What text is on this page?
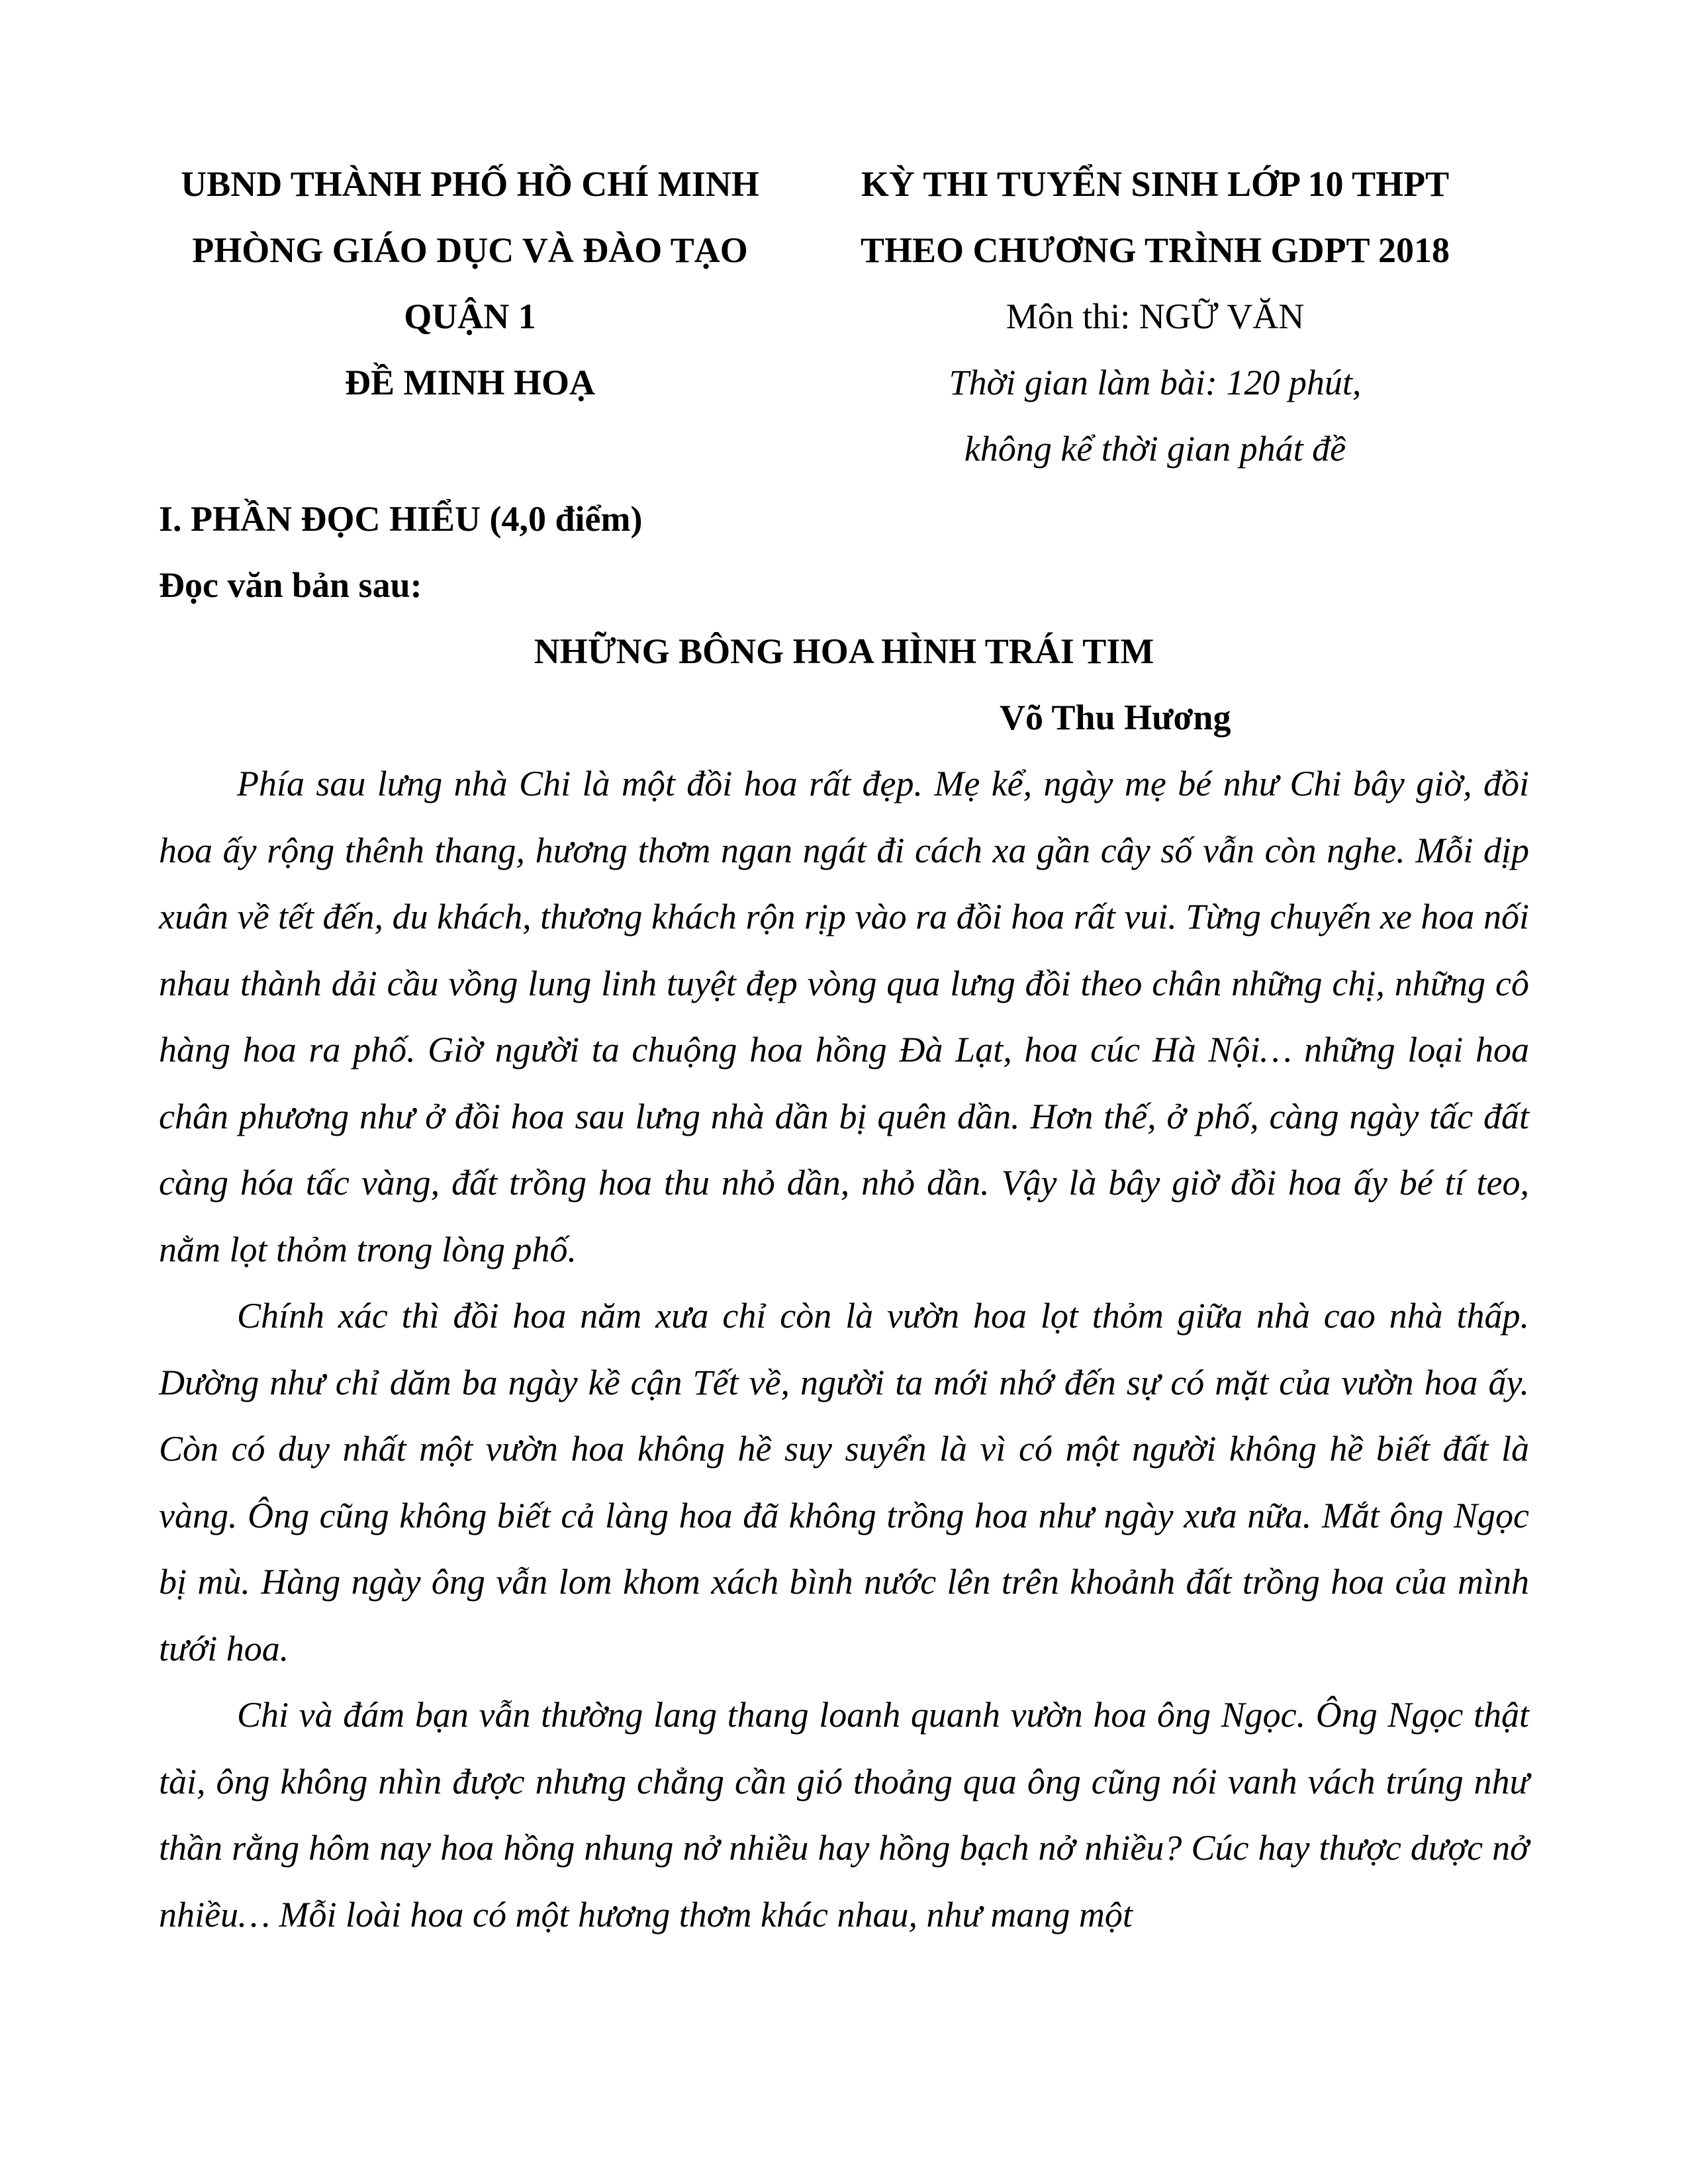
UBND THÀNH PHỐ HỒ CHÍ MINH
PHÒNG GIÁO DỤC VÀ ĐÀO TẠO
QUẬN 1
ĐỀ MINH HOẠ
KỲ THI TUYỂN SINH LỚP 10 THPT
THEO CHƯƠNG TRÌNH GDPT 2018
Môn thi: NGỮ VĂN
Thời gian làm bài: 120 phút,
không kể thời gian phát đề
I. PHẦN ĐỌC HIỂU (4,0 điểm)
Đọc văn bản sau:
NHỮNG BÔNG HOA HÌNH TRÁI TIM
Võ Thu Hương

Phía sau lưng nhà Chi là một đồi hoa rất đẹp. Mẹ kể, ngày mẹ bé như Chi bây giờ, đồi hoa ấy rộng thênh thang, hương thơm ngan ngát đi cách xa gần cây số vẫn còn nghe. Mỗi dịp xuân về tết đến, du khách, thương khách rộn rịp vào ra đồi hoa rất vui. Từng chuyến xe hoa nối nhau thành dải cầu vồng lung linh tuyệt đẹp vòng qua lưng đồi theo chân những chị, những cô hàng hoa ra phố. Giờ người ta chuộng hoa hồng Đà Lạt, hoa cúc Hà Nội… những loại hoa chân phương như ở đồi hoa sau lưng nhà dần bị quên dần. Hơn thế, ở phố, càng ngày tấc đất càng hóa tấc vàng, đất trồng hoa thu nhỏ dần, nhỏ dần. Vậy là bây giờ đồi hoa ấy bé tí teo, nằm lọt thỏm trong lòng phố.

Chính xác thì đồi hoa năm xưa chỉ còn là vườn hoa lọt thỏm giữa nhà cao nhà thấp. Dường như chỉ dăm ba ngày kề cận Tết về, người ta mới nhớ đến sự có mặt của vườn hoa ấy. Còn có duy nhất một vườn hoa không hề suy suyển là vì có một người không hề biết đất là vàng. Ông cũng không biết cả làng hoa đã không trồng hoa như ngày xưa nữa. Mắt ông Ngọc bị mù. Hàng ngày ông vẫn lom khom xách bình nước lên trên khoảnh đất trồng hoa của mình tưới hoa.

Chi và đám bạn vẫn thường lang thang loanh quanh vườn hoa ông Ngọc. Ông Ngọc thật tài, ông không nhìn được nhưng chẳng cần gió thoảng qua ông cũng nói vanh vách trúng như thần rằng hôm nay hoa hồng nhung nở nhiều hay hồng bạch nở nhiều? Cúc hay thược dược nở nhiều… Mỗi loài hoa có một hương thơm khác nhau, như mang một
